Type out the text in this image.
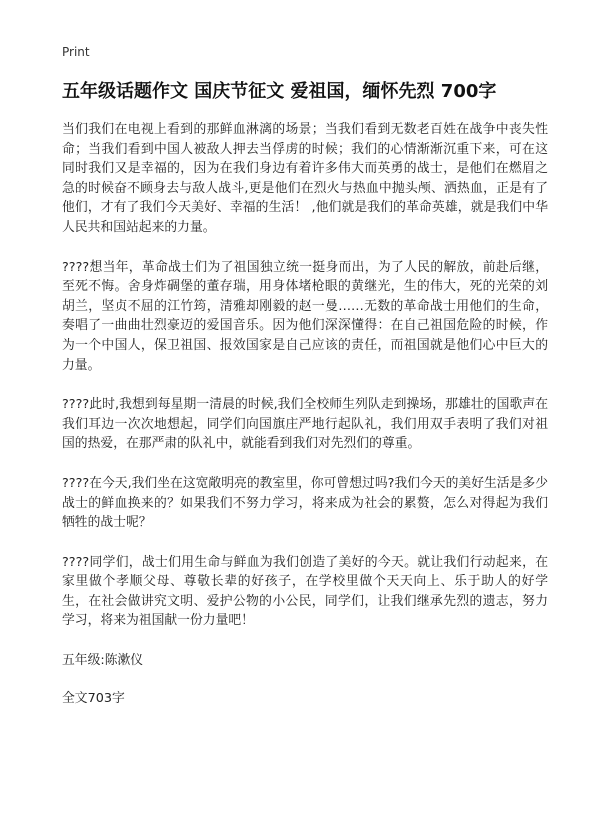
Print
五年级话题作文 国庆节征文 爱祖国，缅怀先烈 700字

当们我们在电视上看到的那鲜血淋漓的场景；当我们看到无数老百姓在战争中丧失性命；当我们看到中国人被敌人押去当俘虏的时候；我们的心情渐渐沉重下来，可在这同时我们又是幸福的，因为在我们身边有着许多伟大而英勇的战士，是他们在燃眉之急的时候奋不顾身去与敌人战斗,更是他们在烈火与热血中抛头颅、洒热血，正是有了他们，才有了我们今天美好、幸福的生活！ ,他们就是我们的革命英雄，就是我们中华人民共和国站起来的力量。

????想当年，革命战士们为了祖国独立统一挺身而出，为了人民的解放，前赴后继，至死不悔。舍身炸碉堡的董存瑞，用身体堵枪眼的黄继光，生的伟大，死的光荣的刘胡兰，坚贞不屈的江竹筠，清雅却刚毅的赵一曼……无数的革命战士用他们的生命，奏唱了一曲曲壮烈豪迈的爱国音乐。因为他们深深懂得：在自己祖国危险的时候，作为一个中国人，保卫祖国、报效国家是自己应该的责任，而祖国就是他们心中巨大的力量。

????此时,我想到每星期一清晨的时候,我们全校师生列队走到操场，那雄壮的国歌声在我们耳边一次次地想起，同学们向国旗庄严地行起队礼，我们用双手表明了我们对祖国的热爱，在那严肃的队礼中，就能看到我们对先烈们的尊重。

????在今天,我们坐在这宽敞明亮的教室里，你可曾想过吗?我们今天的美好生活是多少战士的鲜血换来的？如果我们不努力学习，将来成为社会的累赘，怎么对得起为我们牺牲的战士呢？

????同学们，战士们用生命与鲜血为我们创造了美好的今天。就让我们行动起来，在家里做个孝顺父母、尊敬长辈的好孩子，在学校里做个天天向上、乐于助人的好学生，在社会做讲究文明、爱护公物的小公民，同学们，让我们继承先烈的遗志，努力学习，将来为祖国献一份力量吧！

五年级:陈漱仪

全文703字
